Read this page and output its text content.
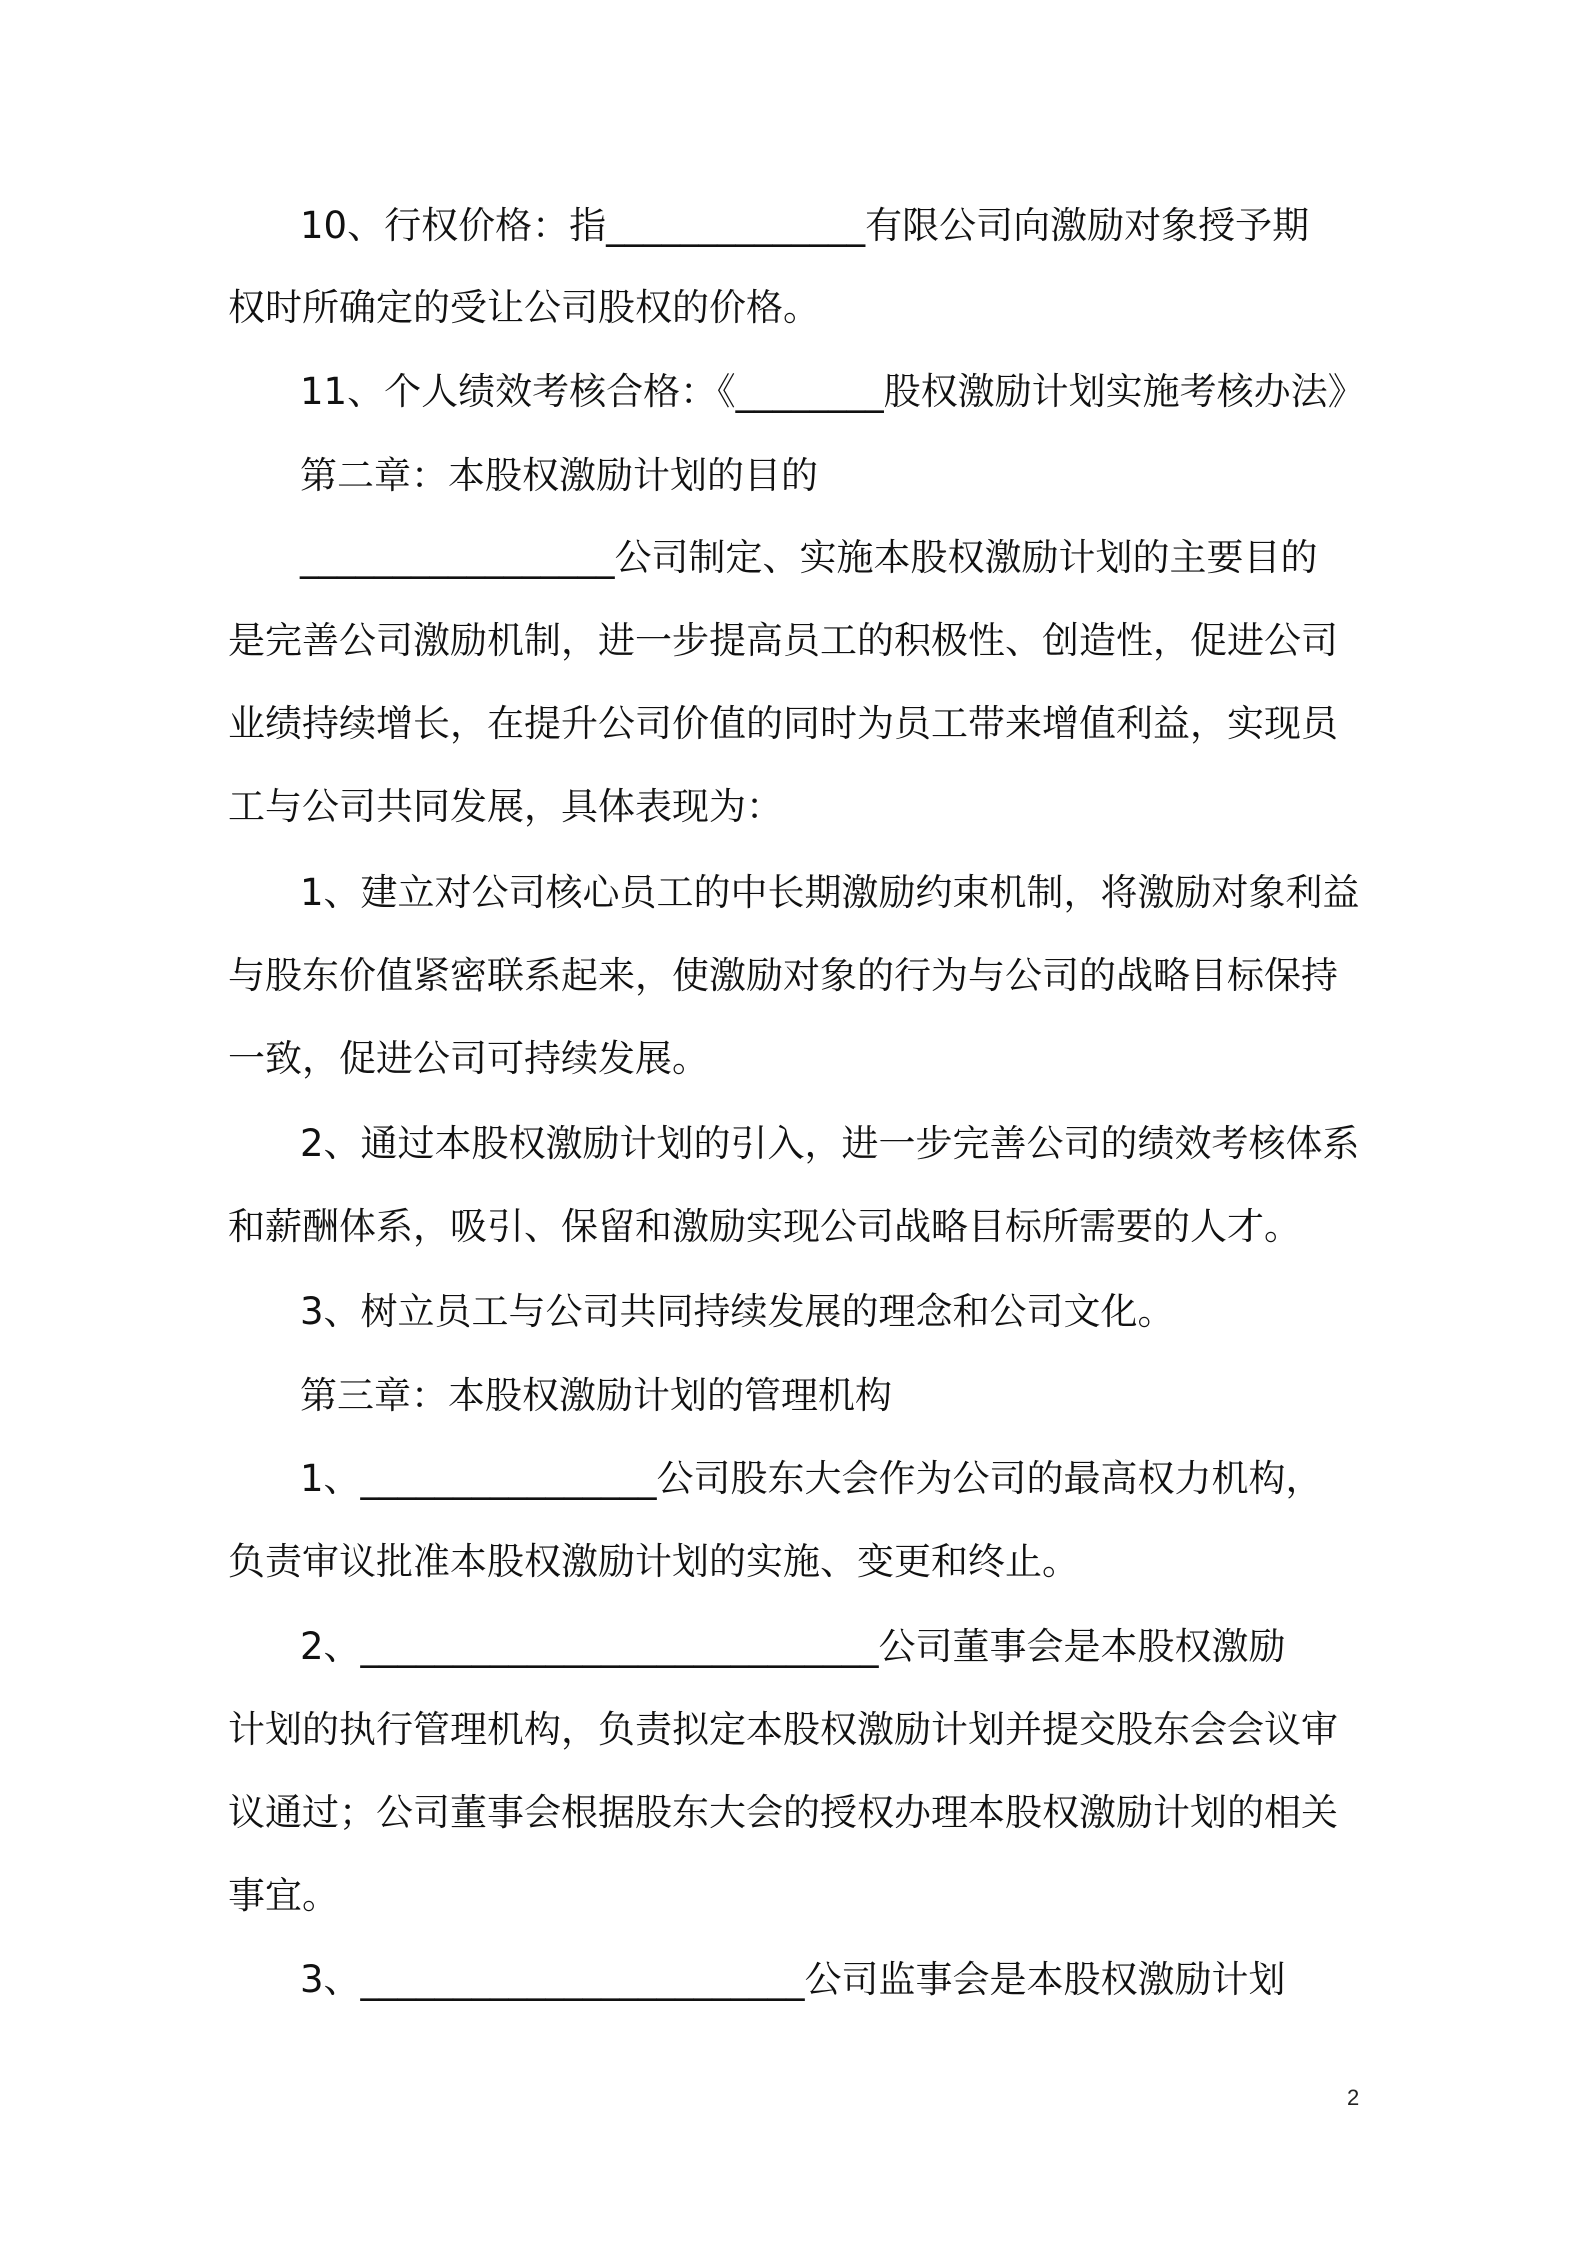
10、行权价格：指______________有限公司向激励对象授予期
权时所确定的受让公司股权的价格。
11、个人绩效考核合格：《________股权激励计划实施考核办法》
第二章：本股权激励计划的目的
_________________公司制定、实施本股权激励计划的主要目的
是完善公司激励机制，进一步提高员工的积极性、创造性，促进公司
业绩持续增长，在提升公司价值的同时为员工带来增值利益，实现员
工与公司共同发展，具体表现为：
1、建立对公司核心员工的中长期激励约束机制，将激励对象利益
与股东价值紧密联系起来，使激励对象的行为与公司的战略目标保持
一致，促进公司可持续发展。
2、通过本股权激励计划的引入，进一步完善公司的绩效考核体系
和薪酬体系，吸引、保留和激励实现公司战略目标所需要的人才。
3、树立员工与公司共同持续发展的理念和公司文化。
第三章：本股权激励计划的管理机构
1、________________公司股东大会作为公司的最高权力机构，
负责审议批准本股权激励计划的实施、变更和终止。
2、____________________________公司董事会是本股权激励
计划的执行管理机构，负责拟定本股权激励计划并提交股东会会议审
议通过；公司董事会根据股东大会的授权办理本股权激励计划的相关
事宜。
3、________________________公司监事会是本股权激励计划
2
